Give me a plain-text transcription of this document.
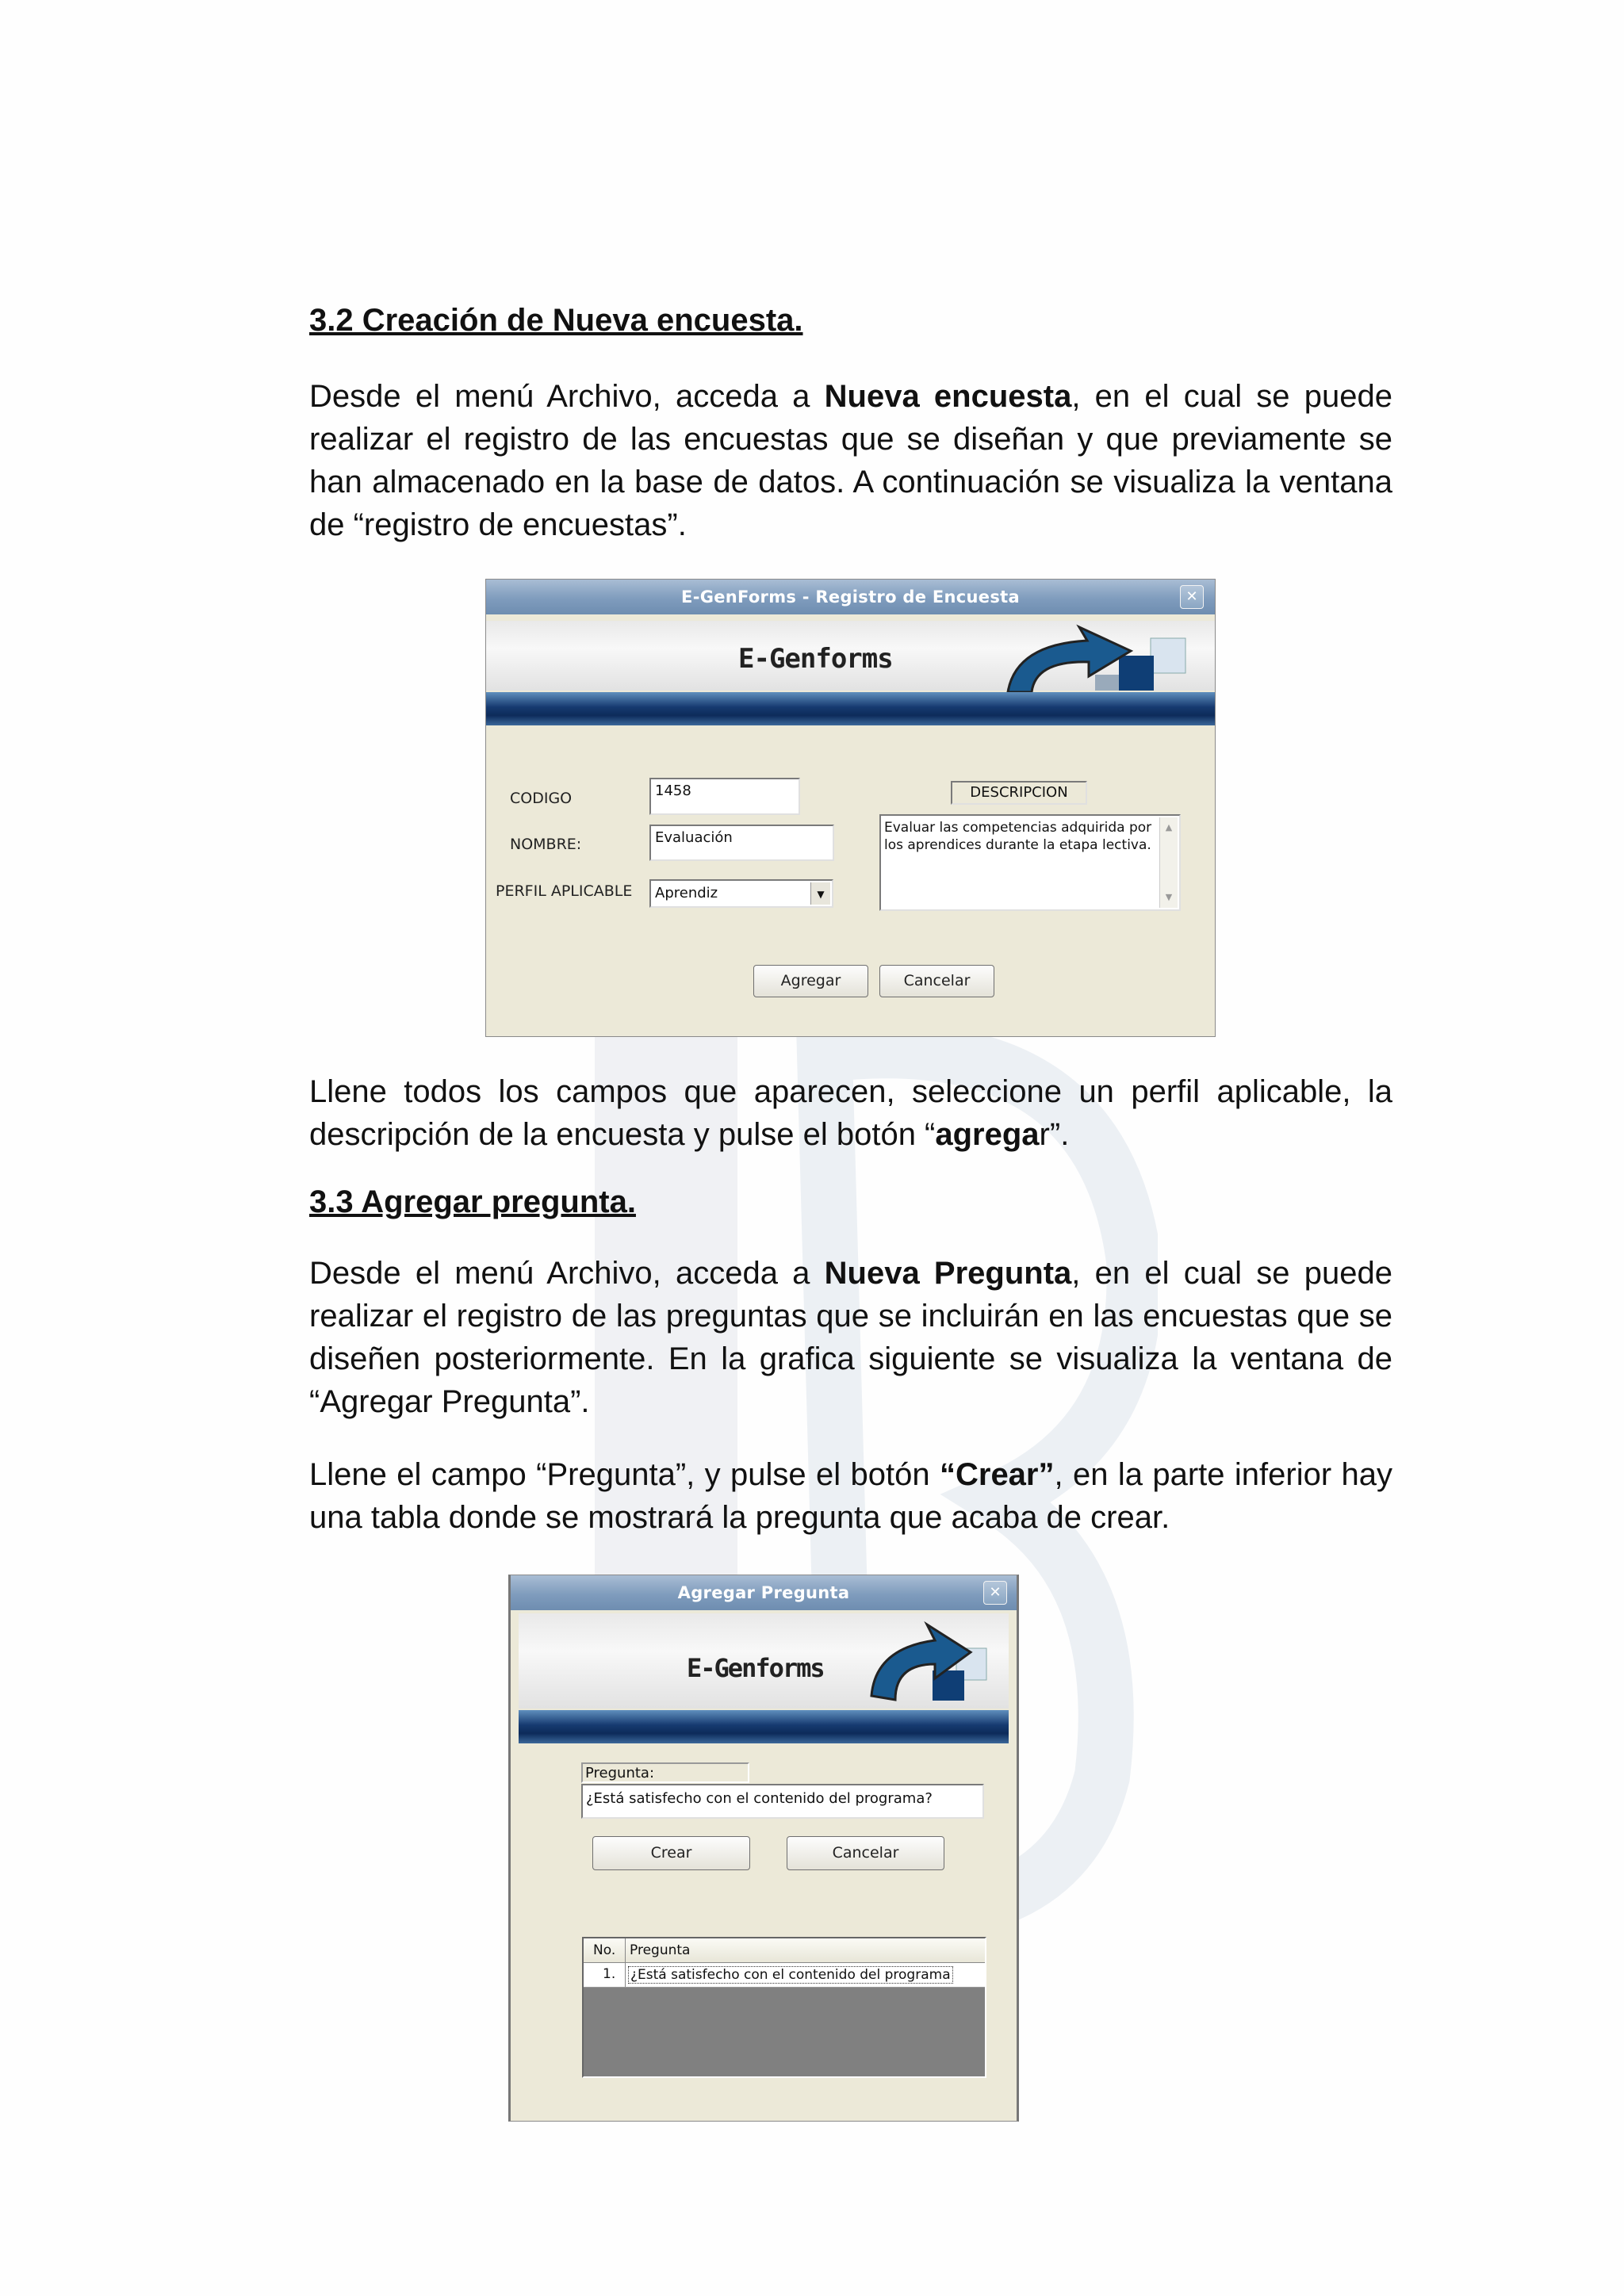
3.2 Creación de Nueva encuesta.

Desde el menú Archivo, acceda a Nueva encuesta, en el cual se puede realizar el registro de las encuestas que se diseñan y que previamente se han almacenado en la base de datos. A continuación se visualiza la ventana de “registro de encuestas”.

E-GenForms - Registro de Encuesta	✕
E-Genforms
CODIGO	1458
NOMBRE:	Evaluación
PERFIL APLICABLE	Aprendiz	▼
DESCRIPCION
Evaluar las competencias adquirida por los aprendices durante la etapa lectiva.
▲
▼
Agregar	Cancelar

Llene todos los campos que aparecen, seleccione un perfil aplicable, la descripción de la encuesta y pulse el botón “agregar”.

3.3 Agregar pregunta.

Desde el menú Archivo, acceda a Nueva Pregunta, en el cual se puede realizar el registro de las preguntas que se incluirán en las encuestas que se diseñen posteriormente. En la grafica siguiente se visualiza la ventana de “Agregar Pregunta”.

Llene el campo “Pregunta”, y pulse el botón “Crear”, en la parte inferior hay una tabla donde se mostrará la pregunta que acaba de crear.

Agregar Pregunta	✕
E-Genforms
Pregunta:
¿Está satisfecho con el contenido del programa?
Crear	Cancelar
No. Pregunta
1. ¿Está satisfecho con el contenido del programa
